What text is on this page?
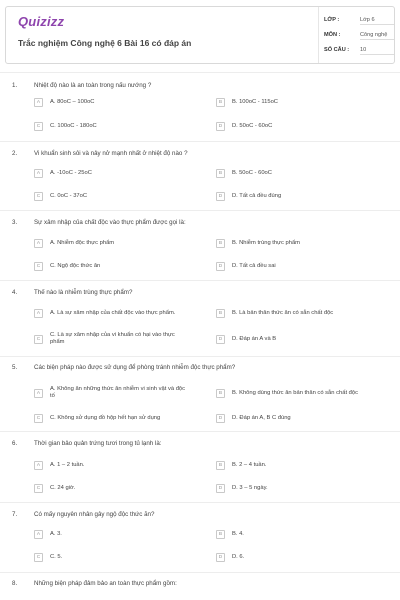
Quizizz
Trắc nghiệm Công nghệ 6 Bài 16 có đáp án
LỚP :	Lớp 6
MÔN :	Công nghệ
SỐ CÂU : 10
1.	Nhiệt độ nào là an toàn trong nấu nướng ?
A	A. 80oC – 100oC	B	B. 100oC - 115oC
C	C. 100oC - 180oC	D	D. 50oC - 60oC
2.	Vi khuẩn sinh sôi và nảy nở mạnh nhất ở nhiệt độ nào ?
A	A. -10oC - 25oC	B	B. 50oC - 60oC
C	C. 0oC - 37oC	D	D. Tất cả đều đúng
3.	Sự xâm nhập của chất độc vào thực phẩm được gọi là:
A	A. Nhiễm độc thực phẩm	B	B. Nhiễm trùng thực phẩm
C	C. Ngộ độc thức ăn	D	D. Tất cả đều sai
4.	Thế nào là nhiễm trùng thực phẩm?
A	A. Là sự xâm nhập của chất độc vào thực phẩm.	B	B. Là bản thân thức ăn có sẵn chất độc
C
C. Là sự xâm nhập của vi khuẩn có hại vào thực phẩm	D	D. Đáp án A và B
5.	Các biện pháp nào được sử dụng để phòng tránh nhiễm độc thực phẩm?
A
A. Không ăn những thức ăn nhiễm vi sinh vật và độc tố	B	B. Không dùng thức ăn bản thân có sẵn chất độc
C	C. Không sử dụng đồ hộp hết hạn sử dụng	D	D. Đáp án A, B C đúng
6.	Thời gian bảo quản trứng tươi trong tủ lạnh là:
A	A. 1 – 2 tuần.	B	B. 2 – 4 tuần.
C	C. 24 giờ.	D	D. 3 – 5 ngày.
7.	Có mấy nguyên nhân gây ngộ độc thức ăn?
A	A. 3.	B	B. 4.
C	C. 5.	D	D. 6.
8.	Những biện pháp đảm bảo an toàn thực phẩm gồm:
